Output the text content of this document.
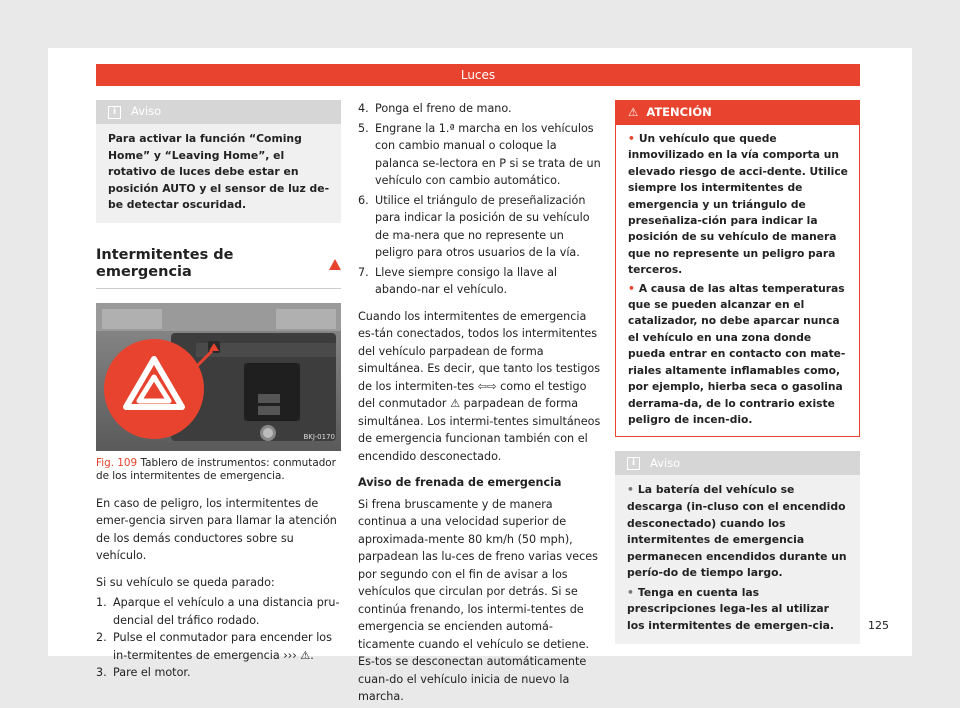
Luces
i	Aviso
Para activar la función “Coming Home” y “Leaving Home”, el rotativo de luces debe estar en posición AUTO y el sensor de luz de-be detectar oscuridad.
Intermitentes de emergencia
BKJ-0170
Fig. 109 Tablero de instrumentos: conmutador de los intermitentes de emergencia.

En caso de peligro, los intermitentes de emer-gencia sirven para llamar la atención de los demás conductores sobre su vehículo.

Si su vehículo se queda parado:

1. Aparque el vehículo a una distancia pru-dencial del tráfico rodado.
2. Pulse el conmutador para encender los in-termitentes de emergencia ››› ⚠.
3. Pare el motor.
4. Ponga el freno de mano.
5. Engrane la 1.ª marcha en los vehículos con cambio manual o coloque la palanca se-lectora en P si se trata de un vehículo con cambio automático.
6. Utilice el triángulo de preseñalización para indicar la posición de su vehículo de ma-nera que no represente un peligro para otros usuarios de la vía.
7. Lleve siempre consigo la llave al abando-nar el vehículo.

Cuando los intermitentes de emergencia es-tán conectados, todos los intermitentes del vehículo parpadean de forma simultánea. Es decir, que tanto los testigos de los intermiten-tes ⇦⇨ como el testigo del conmutador ⚠ parpadean de forma simultánea. Los intermi-tentes simultáneos de emergencia funcionan también con el encendido desconectado.

Aviso de frenada de emergencia

Si frena bruscamente y de manera continua a una velocidad superior de aproximada-mente 80 km/h (50 mph), parpadean las lu-ces de freno varias veces por segundo con el fin de avisar a los vehículos que circulan por detrás. Si se continúa frenando, los intermi-tentes de emergencia se encienden automá-ticamente cuando el vehículo se detiene. Es-tos se desconectan automáticamente cuan-do el vehículo inicia de nuevo la marcha.

⚠ ATENCIÓN
• Un vehículo que quede inmovilizado en la vía comporta un elevado riesgo de acci-dente. Utilice siempre los intermitentes de emergencia y un triángulo de preseñaliza-ción para indicar la posición de su vehículo de manera que no represente un peligro para terceros.
• A causa de las altas temperaturas que se pueden alcanzar en el catalizador, no debe aparcar nunca el vehículo en una zona donde pueda entrar en contacto con mate-riales altamente inflamables como, por ejemplo, hierba seca o gasolina derrama-da, de lo contrario existe peligro de incen-dio.
i	Aviso
• La batería del vehículo se descarga (in-cluso con el encendido desconectado) cuando los intermitentes de emergencia permanecen encendidos durante un perío-do de tiempo largo.
• Tenga en cuenta las prescripciones lega-les al utilizar los intermitentes de emergen-cia.	125
